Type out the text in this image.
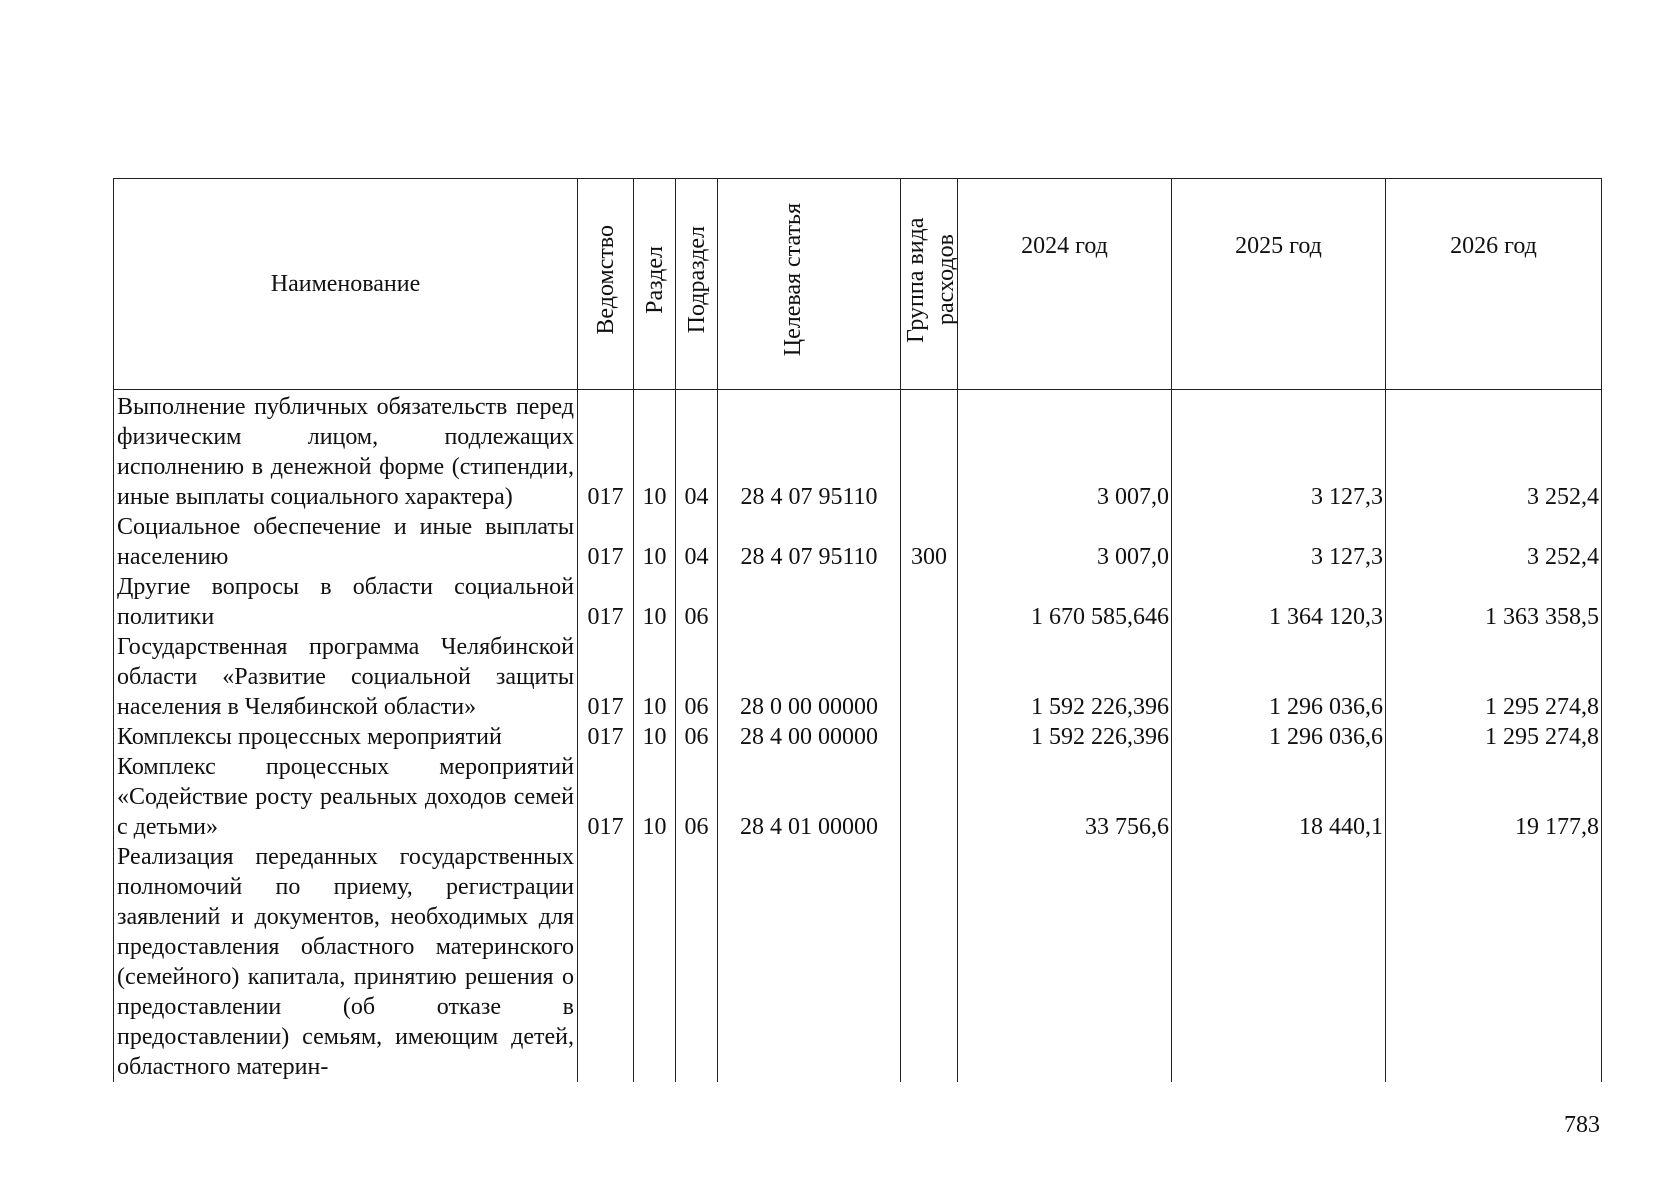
Наименование	Ведомство	Раздел	Подраздел	Целевая статья	Группа вида расходов	2024 год	2025 год	2026 год
Выполнение публичных обязательств перед физическим лицом, подлежащих исполнению в денежной форме (стипендии, иные выплаты социального характера)	017	10	04	28 4 07 95110		3 007,0	3 127,3	3 252,4
Социальное обеспечение и иные выплаты населению	017	10	04	28 4 07 95110	300	3 007,0	3 127,3	3 252,4
Другие вопросы в области социальной политики	017	10	06			1 670 585,646	1 364 120,3	1 363 358,5
Государственная программа Челябинской области «Развитие социальной защиты населения в Челябинской области»	017	10	06	28 0 00 00000		1 592 226,396	1 296 036,6	1 295 274,8
Комплексы процессных мероприятий	017	10	06	28 4 00 00000		1 592 226,396	1 296 036,6	1 295 274,8
Комплекс процессных мероприятий «Содействие росту реальных доходов семей с детьми»	017	10	06	28 4 01 00000		33 756,6	18 440,1	19 177,8
Реализация переданных государственных полномочий по приему, регистрации заявлений и документов, необходимых для предоставления областного материнского (семейного) капитала, принятию решения о предоставлении (об отказе в предоставлении) семьям, имеющим детей, областного материн-								
783
